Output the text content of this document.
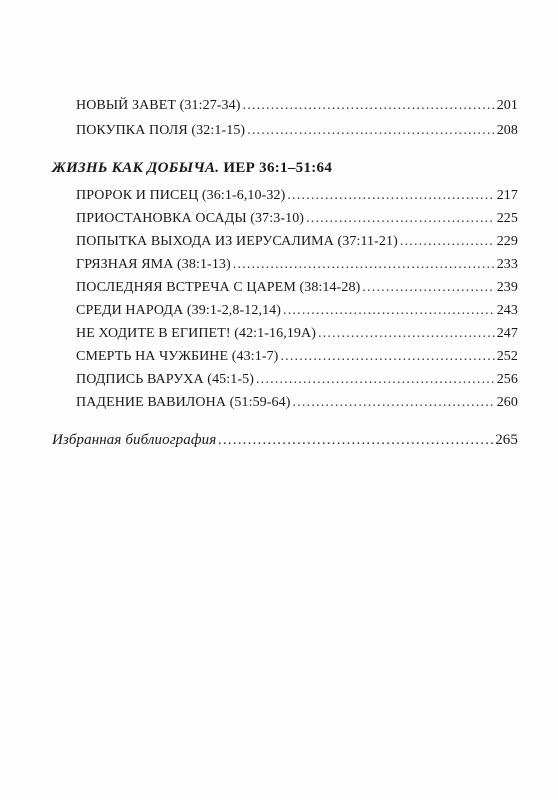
НОВЫЙ ЗАВЕТ (31:27-34) .....	201
ПОКУПКА ПОЛЯ (32:1-15) .....	208
ЖИЗНЬ КАК ДОБЫЧА. ИЕР 36:1–51:64
ПРОРОК И ПИСЕЦ (36:1-6,10-32) .....	217
ПРИОСТАНОВКА ОСАДЫ (37:3-10) .....	225
ПОПЫТКА ВЫХОДА ИЗ ИЕРУСАЛИМА (37:11-21) .....	229
ГРЯЗНАЯ ЯМА (38:1-13) .....	233
ПОСЛЕДНЯЯ ВСТРЕЧА С ЦАРЕМ (38:14-28) .....	239
СРЕДИ НАРОДА (39:1-2,8-12,14) .....	243
НЕ ХОДИТЕ В ЕГИПЕТ! (42:1-16,19А) .....	247
СМЕРТЬ НА ЧУЖБИНЕ (43:1-7) .....	252
ПОДПИСЬ ВАРУХА (45:1-5) .....	256
ПАДЕНИЕ ВАВИЛОНА (51:59-64) .....	260
Избранная библиография .....	265
